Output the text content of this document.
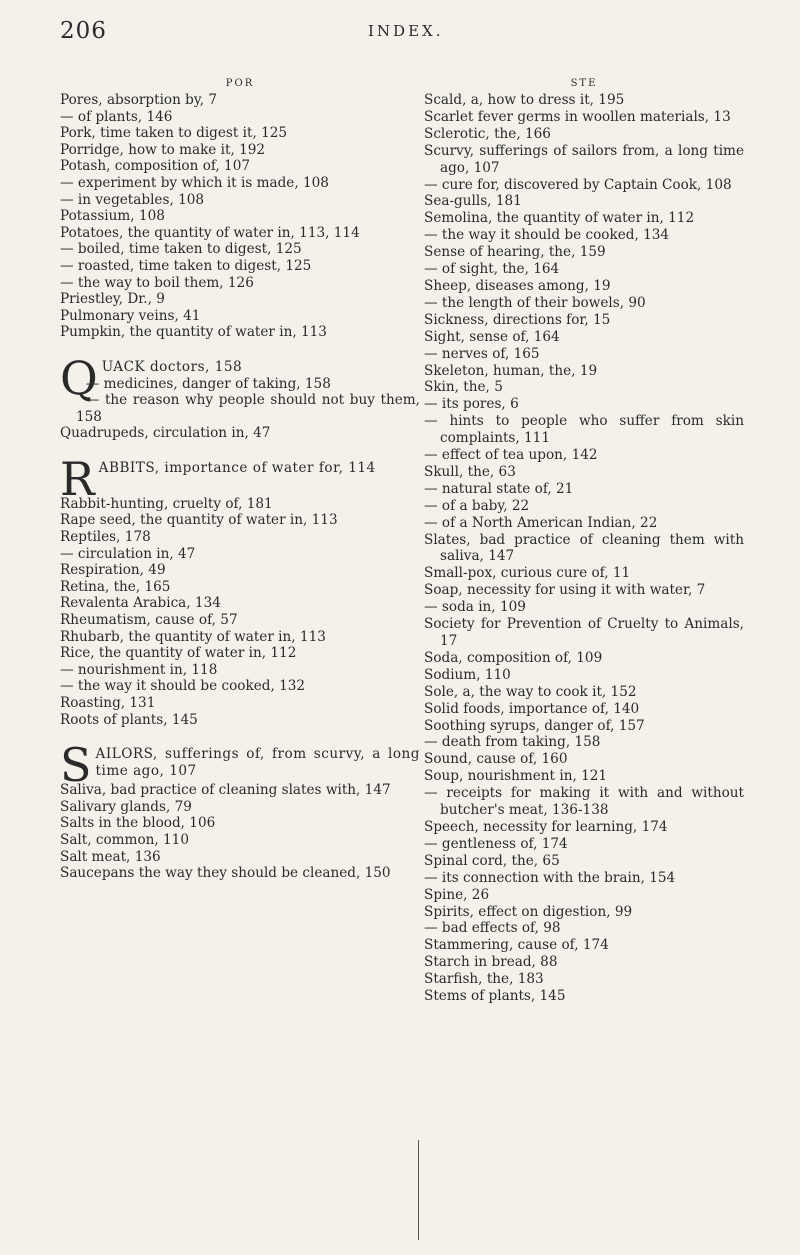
206	INDEX.
POR
Pores, absorption by, 7
— of plants, 146
Pork, time taken to digest it, 125
Porridge, how to make it, 192
Potash, composition of, 107
— experiment by which it is made, 108
— in vegetables, 108
Potassium, 108
Potatoes, the quantity of water in, 113, 114
— boiled, time taken to digest, 125
— roasted, time taken to digest, 125
— the way to boil them, 126
Priestley, Dr., 9
Pulmonary veins, 41
Pumpkin, the quantity of water in, 113
QUACK doctors, 158
— medicines, danger of taking, 158
— the reason why people should not buy them, 158
Quadrupeds, circulation in, 47
RABBITS, importance of water for, 114
Rabbit-hunting, cruelty of, 181
Rape seed, the quantity of water in, 113
Reptiles, 178
— circulation in, 47
Respiration, 49
Retina, the, 165
Revalenta Arabica, 134
Rheumatism, cause of, 57
Rhubarb, the quantity of water in, 113
Rice, the quantity of water in, 112
— nourishment in, 118
— the way it should be cooked, 132
Roasting, 131
Roots of plants, 145
SAILORS, sufferings of, from scurvy, a long time ago, 107
Saliva, bad practice of cleaning slates with, 147
Salivary glands, 79
Salts in the blood, 106
Salt, common, 110
Salt meat, 136
Saucepans the way they should be cleaned, 150
STE
Scald, a, how to dress it, 195
Scarlet fever germs in woollen materials, 13
Sclerotic, the, 166
Scurvy, sufferings of sailors from, a long time ago, 107
— cure for, discovered by Captain Cook, 108
Sea-gulls, 181
Semolina, the quantity of water in, 112
— the way it should be cooked, 134
Sense of hearing, the, 159
— of sight, the, 164
Sheep, diseases among, 19
— the length of their bowels, 90
Sickness, directions for, 15
Sight, sense of, 164
— nerves of, 165
Skeleton, human, the, 19
Skin, the, 5
— its pores, 6
— hints to people who suffer from skin complaints, 111
— effect of tea upon, 142
Skull, the, 63
— natural state of, 21
— of a baby, 22
— of a North American Indian, 22
Slates, bad practice of cleaning them with saliva, 147
Small-pox, curious cure of, 11
Soap, necessity for using it with water, 7
— soda in, 109
Society for Prevention of Cruelty to Animals, 17
Soda, composition of, 109
Sodium, 110
Sole, a, the way to cook it, 152
Solid foods, importance of, 140
Soothing syrups, danger of, 157
— death from taking, 158
Sound, cause of, 160
Soup, nourishment in, 121
— receipts for making it with and without butcher's meat, 136-138
Speech, necessity for learning, 174
— gentleness of, 174
Spinal cord, the, 65
— its connection with the brain, 154
Spine, 26
Spirits, effect on digestion, 99
— bad effects of, 98
Stammering, cause of, 174
Starch in bread, 88
Starfish, the, 183
Stems of plants, 145
